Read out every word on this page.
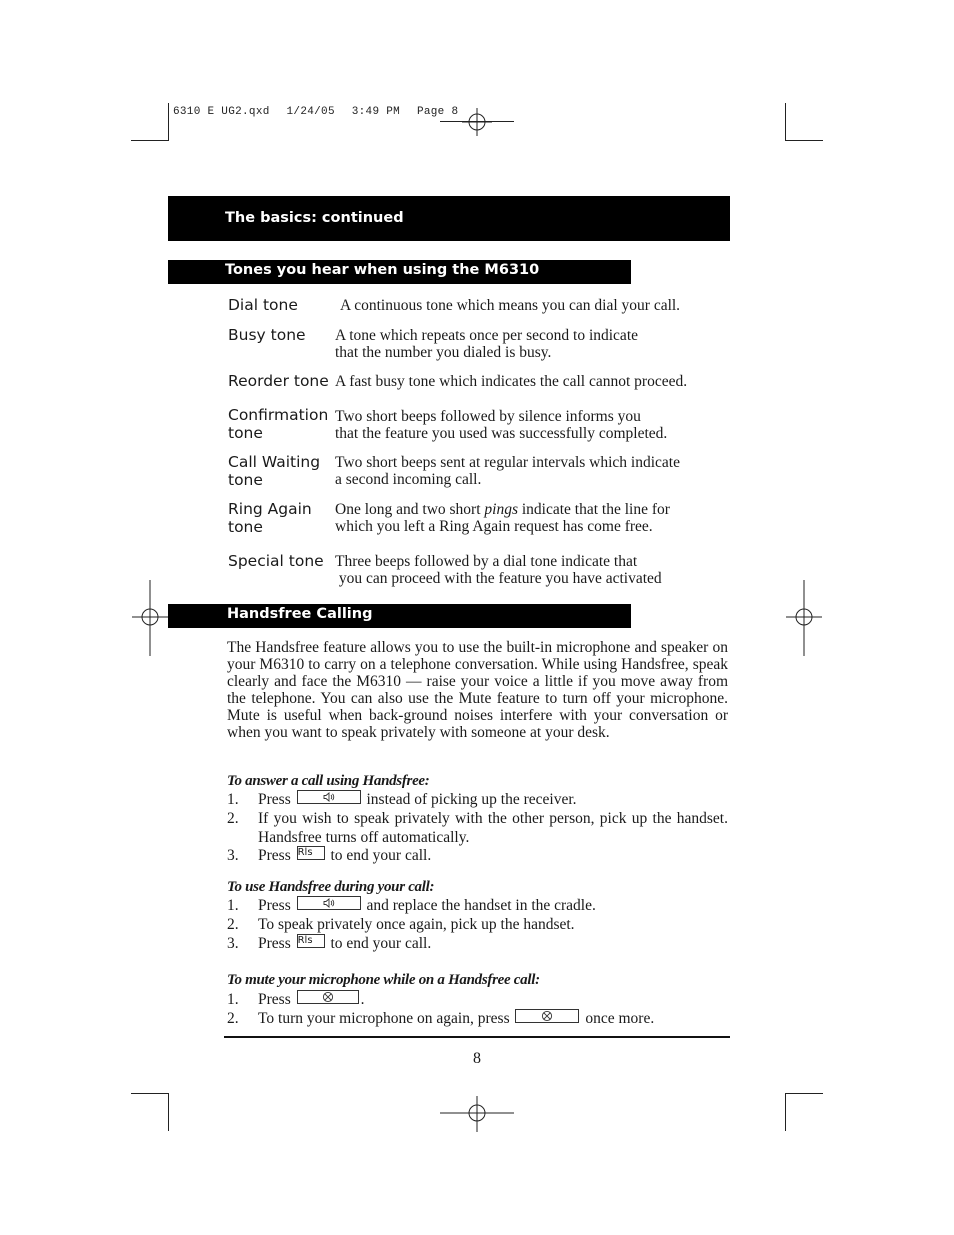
6310 E UG2.qxd 1/24/05 3:49 PM Page 8
The basics: continued
Tones you hear when using the M6310
Dial tone	A continuous tone which means you can dial your call.
Busy tone A tone which repeats once per second to indicate
that the number you dialed is busy.
Reorder tone A fast busy tone which indicates the call cannot proceed.
Confirmation
tone
Two short beeps followed by silence informs you
that the feature you used was successfully completed.
Call Waiting
tone
Two short beeps sent at regular intervals which indicate
a second incoming call.
Ring Again
tone
One long and two short pings indicate that the line for
which you left a Ring Again request has come free.
Special tone Three beeps followed by a dial tone indicate that
you can proceed with the feature you have activated
Handsfree Calling
The Handsfree feature allows you to use the built-in microphone and speaker on your M6310 to carry on a telephone conversation. While using Handsfree, speak clearly and face the M6310 — raise your voice a little if you move away from the telephone. You can also use the Mute feature to turn off your microphone. Mute is useful when back-ground noises interfere with your conversation or when you want to speak privately with someone at your desk.
To answer a call using Handsfree:
1. Press	instead of picking up the receiver.
2. If you wish to speak privately with the other person, pick up the handset. Handsfree turns off automatically.
3. Press Rls to end your call.
To use Handsfree during your call:
1. Press	and replace the handset in the cradle.
2. To speak privately once again, pick up the handset.
3. Press Rls to end your call.
To mute your microphone while on a Handsfree call:
1. Press	.
2. To turn your microphone on again, press	once more.
8
